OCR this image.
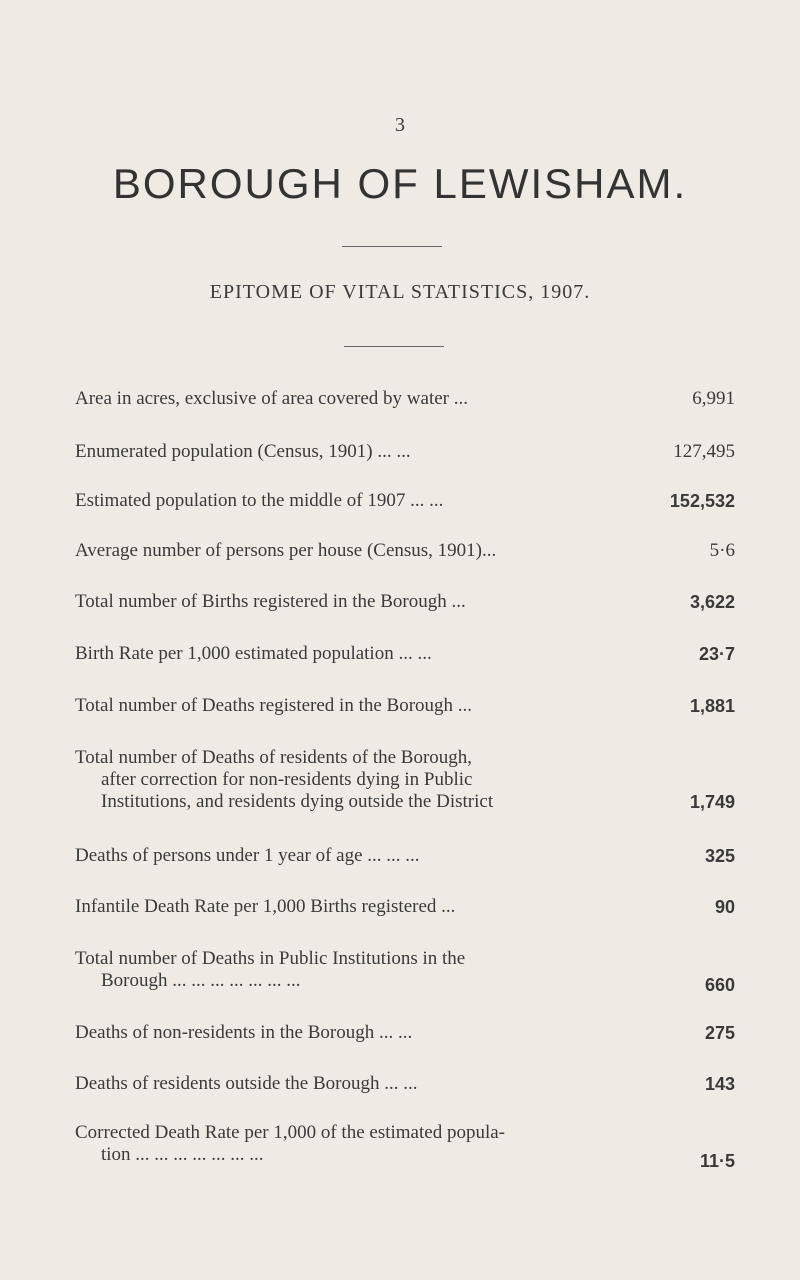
3
BOROUGH OF LEWISHAM.
EPITOME OF VITAL STATISTICS, 1907.
Area in acres, exclusive of area covered by water ...	6,991
Enumerated population (Census, 1901) ... ...	127,495
Estimated population to the middle of 1907 ... ...	152,532
Average number of persons per house (Census, 1901)...	5·6
Total number of Births registered in the Borough ...	3,622
Birth Rate per 1,000 estimated population ... ...	23·7
Total number of Deaths registered in the Borough ...	1,881
Total number of Deaths of residents of the Borough,
after correction for non-residents dying in Public
Institutions, and residents dying outside the District	1,749
Deaths of persons under 1 year of age ... ... ...	325
Infantile Death Rate per 1,000 Births registered ...	90
Total number of Deaths in Public Institutions in the
Borough ... ... ... ... ... ... ...	660
Deaths of non-residents in the Borough ... ...	275
Deaths of residents outside the Borough ... ...	143
Corrected Death Rate per 1,000 of the estimated popula-
tion ... ... ... ... ... ... ...	11·5
